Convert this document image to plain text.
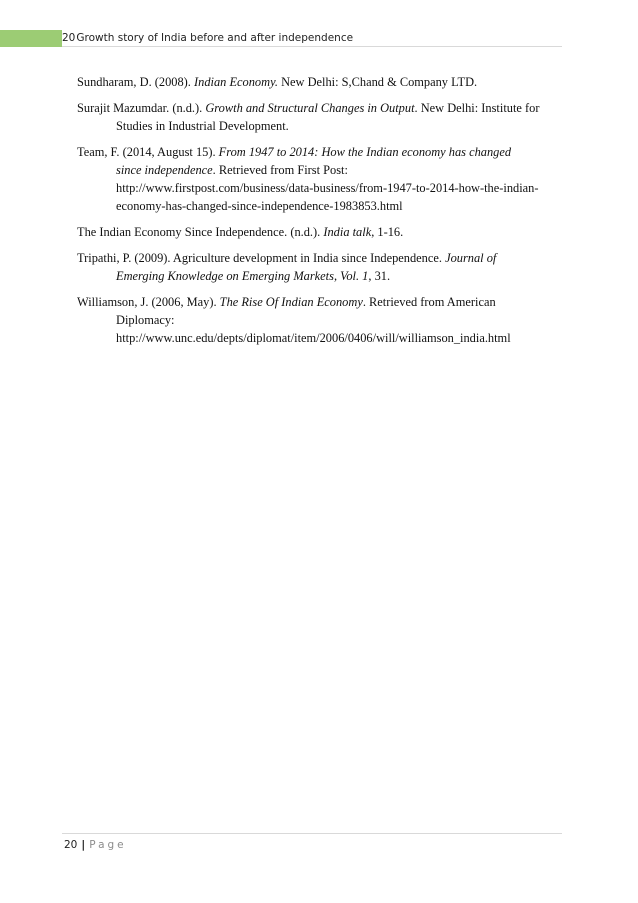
20Growth story of India before and after independence
Sundharam, D. (2008). Indian Economy. New Delhi: S,Chand & Company LTD.
Surajit Mazumdar. (n.d.). Growth and Structural Changes in Output. New Delhi: Institute for
Studies in Industrial Development.
Team, F. (2014, August 15). From 1947 to 2014: How the Indian economy has changed
since independence. Retrieved from First Post:
http://www.firstpost.com/business/data-business/from-1947-to-2014-how-the-indian-
economy-has-changed-since-independence-1983853.html
The Indian Economy Since Independence. (n.d.). India talk, 1-16.
Tripathi, P. (2009). Agriculture development in India since Independence. Journal of
Emerging Knowledge on Emerging Markets, Vol. 1, 31.
Williamson, J. (2006, May). The Rise Of Indian Economy. Retrieved from American
Diplomacy:
http://www.unc.edu/depts/diplomat/item/2006/0406/will/williamson_india.html
20 | Page
